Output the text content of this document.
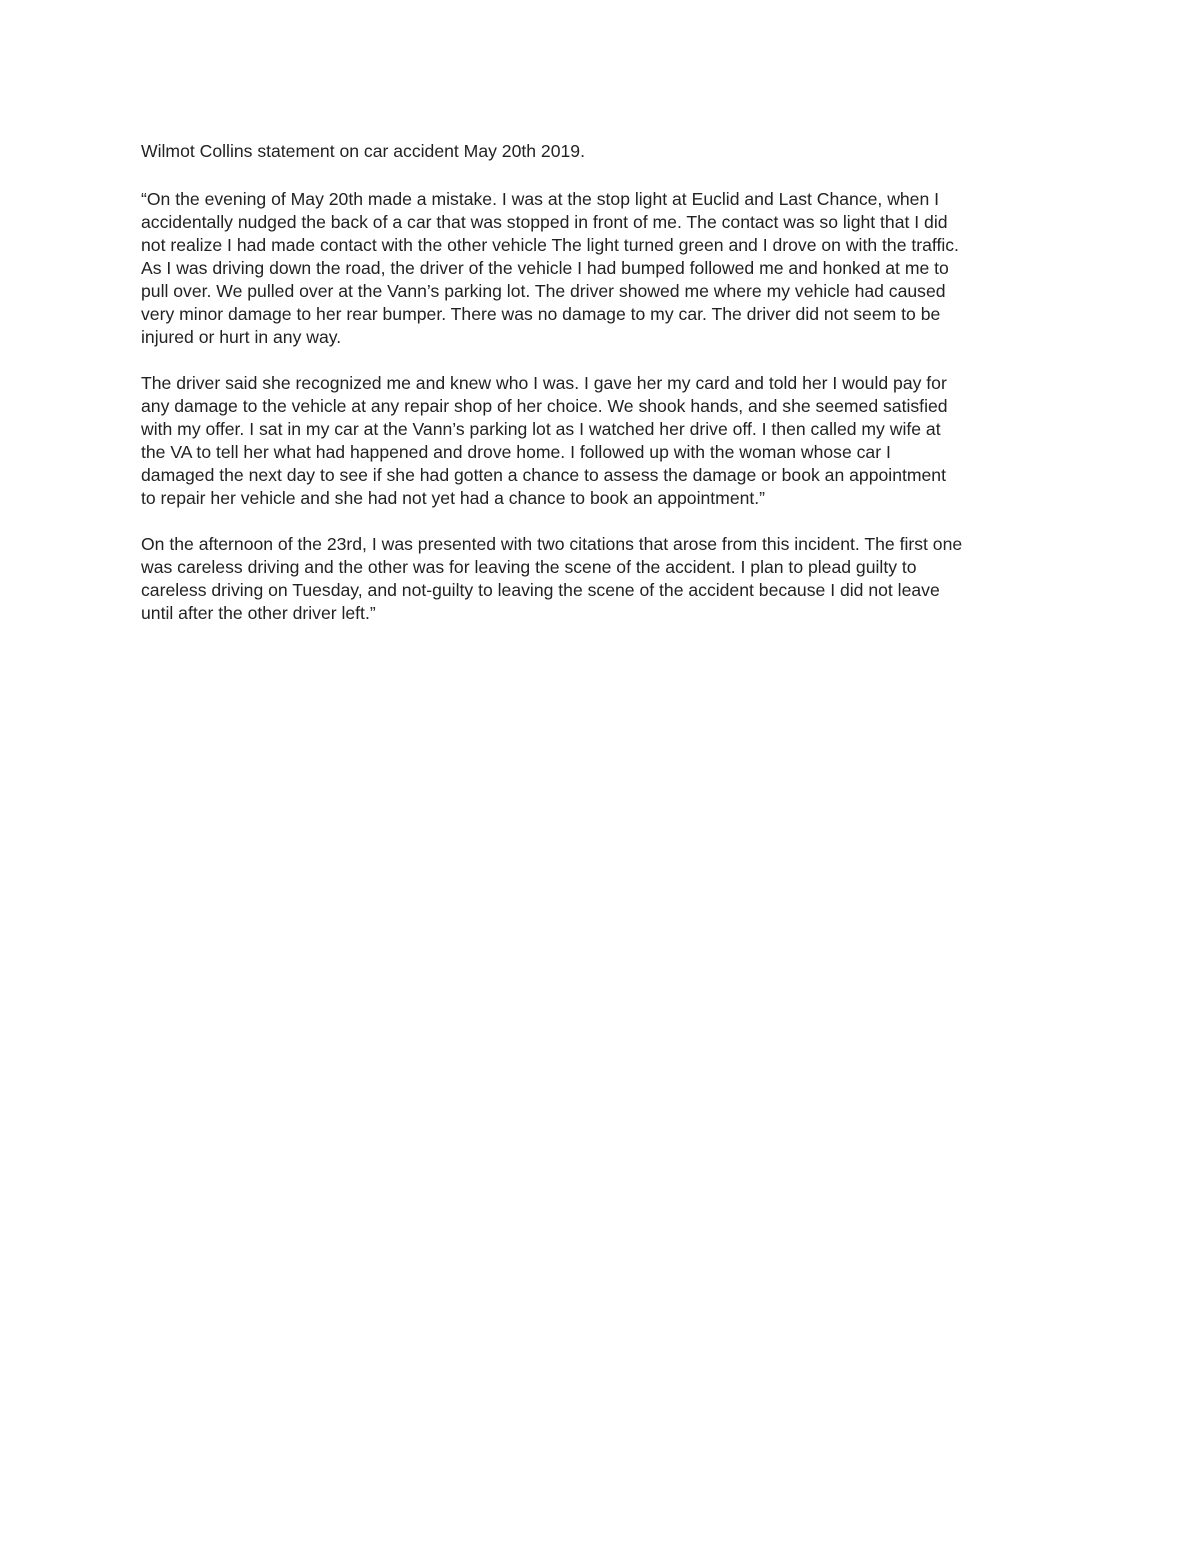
Wilmot Collins statement on car accident May 20th 2019.

“On the evening of May 20th made a mistake. I was at the stop light at Euclid and Last Chance, when I
accidentally nudged the back of a car that was stopped in front of me. The contact was so light that I did
not realize I had made contact with the other vehicle The light turned green and I drove on with the traffic.
As I was driving down the road, the driver of the vehicle I had bumped followed me and honked at me to
pull over. We pulled over at the Vann’s parking lot. The driver showed me where my vehicle had caused
very minor damage to her rear bumper. There was no damage to my car. The driver did not seem to be
injured or hurt in any way.

The driver said she recognized me and knew who I was. I gave her my card and told her I would pay for
any damage to the vehicle at any repair shop of her choice. We shook hands, and she seemed satisfied
with my offer. I sat in my car at the Vann’s parking lot as I watched her drive off. I then called my wife at
the VA to tell her what had happened and drove home. I followed up with the woman whose car I
damaged the next day to see if she had gotten a chance to assess the damage or book an appointment
to repair her vehicle and she had not yet had a chance to book an appointment.”

On the afternoon of the 23rd, I was presented with two citations that arose from this incident. The first one
was careless driving and the other was for leaving the scene of the accident. I plan to plead guilty to
careless driving on Tuesday, and not-guilty to leaving the scene of the accident because I did not leave
until after the other driver left.”
